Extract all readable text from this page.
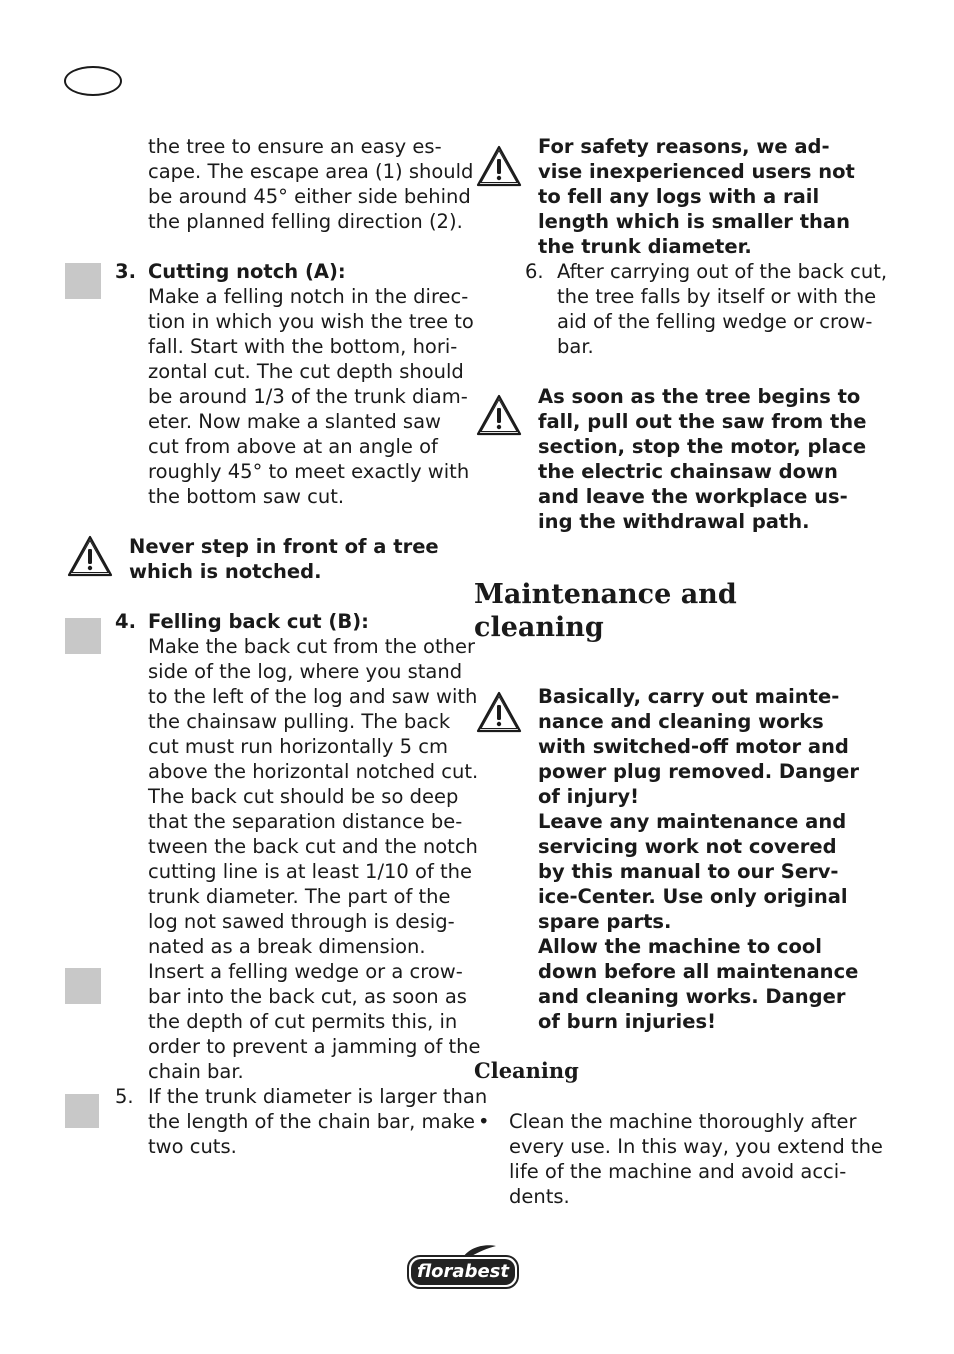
the tree to ensure an easy es-
cape. The escape area (1) should
be around 45° either side behind
the planned felling direction (2).
3. Cutting notch (A):
Make a felling notch in the direc-
tion in which you wish the tree to
fall. Start with the bottom, hori-
zontal cut. The cut depth should
be around 1/3 of the trunk diam-
eter. Now make a slanted saw
cut from above at an angle of
roughly 45° to meet exactly with
the bottom saw cut.
Never step in front of a tree
which is notched.
4. Felling back cut (B):
Make the back cut from the other
side of the log, where you stand
to the left of the log and saw with
the chainsaw pulling. The back
cut must run horizontally 5 cm
above the horizontal notched cut.
The back cut should be so deep
that the separation distance be-
tween the back cut and the notch
cutting line is at least 1/10 of the
trunk diameter. The part of the
log not sawed through is desig-
nated as a break dimension.
Insert a felling wedge or a crow-
bar into the back cut, as soon as
the depth of cut permits this, in
order to prevent a jamming of the
chain bar.
5. If the trunk diameter is larger than
the length of the chain bar, make
two cuts.
For safety reasons, we ad-
vise inexperienced users not
to fell any logs with a rail
length which is smaller than
the trunk diameter.
6. After carrying out of the back cut,
the tree falls by itself or with the
aid of the felling wedge or crow-
bar.
As soon as the tree begins to
fall, pull out the saw from the
section, stop the motor, place
the electric chainsaw down
and leave the workplace us-
ing the withdrawal path.
Maintenance and
cleaning
Basically, carry out mainte-
nance and cleaning works
with switched-off motor and
power plug removed. Danger
of injury!
Leave any maintenance and
servicing work not covered
by this manual to our Serv-
ice-Center. Use only original
spare parts.
Allow the machine to cool
down before all maintenance
and cleaning works. Danger
of burn injuries!
Cleaning
• Clean the machine thoroughly after
every use. In this way, you extend the
life of the machine and avoid acci-
dents.
florabest
